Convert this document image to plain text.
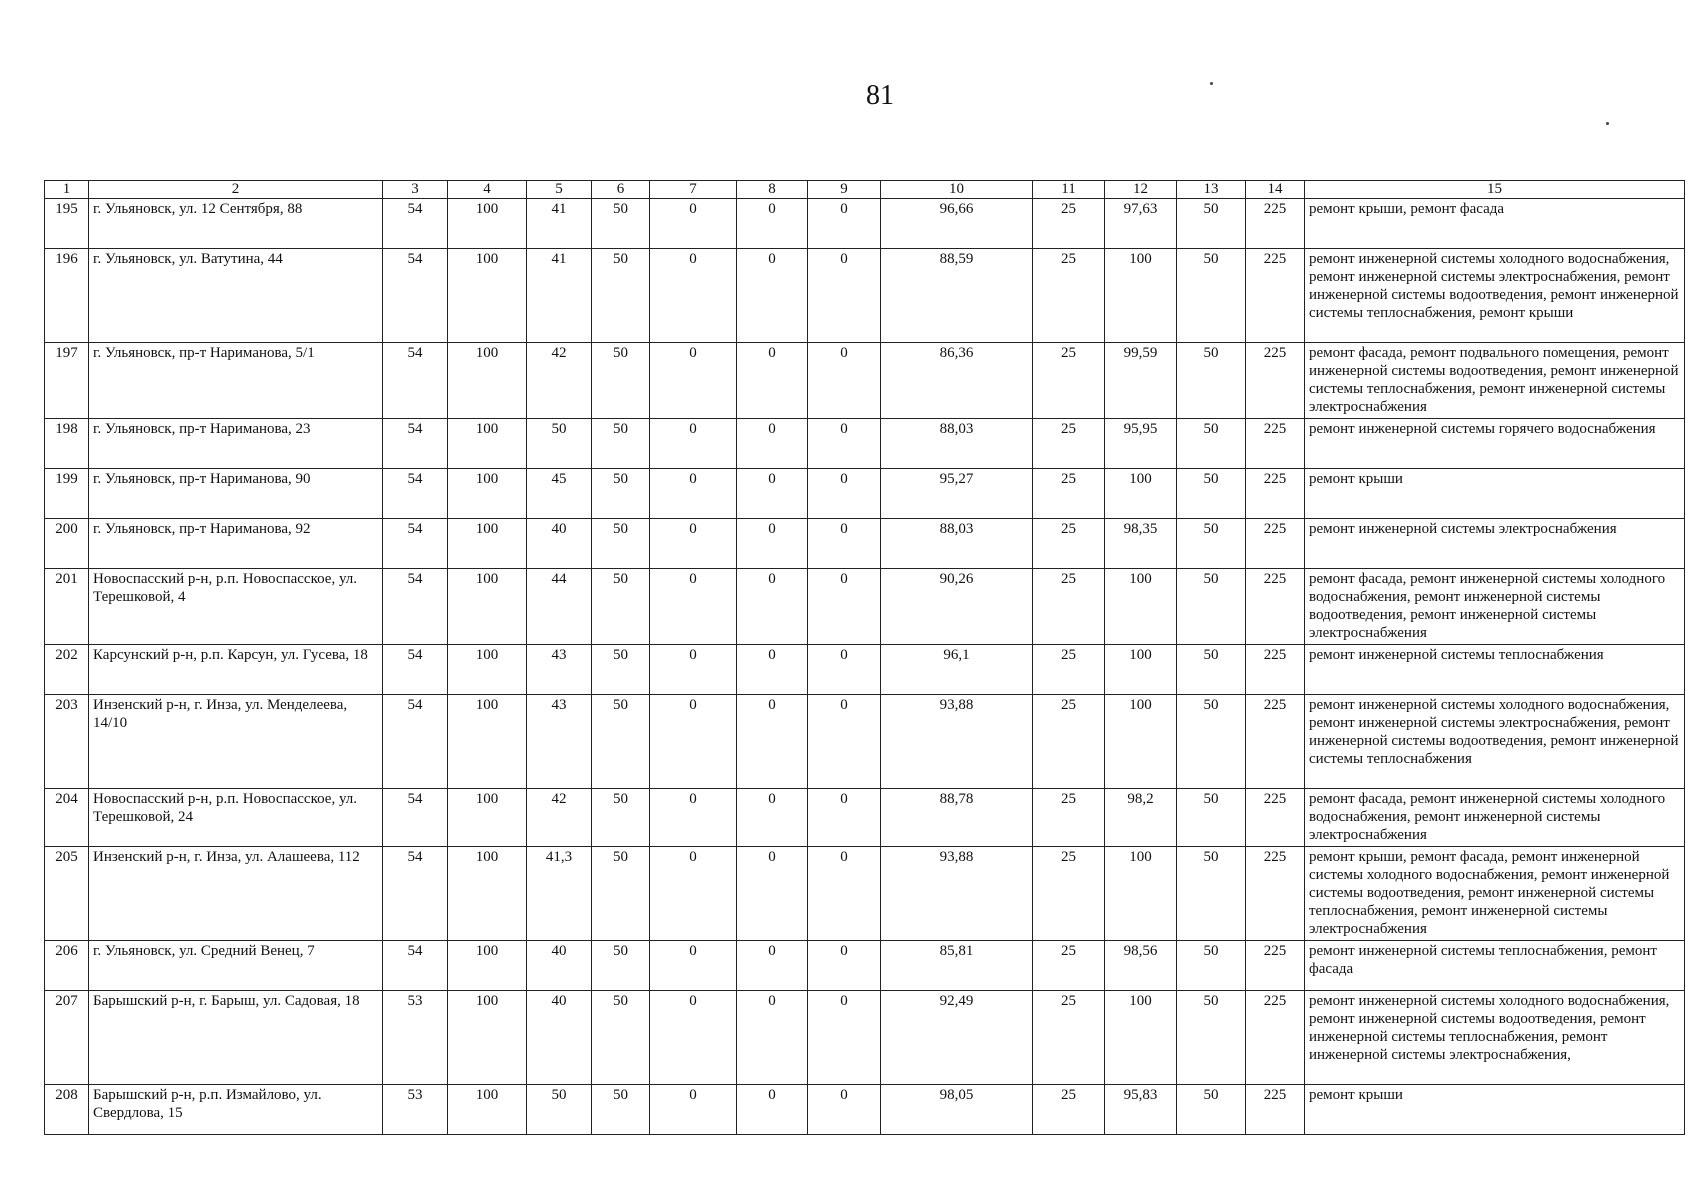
81
1	2	3	4	5	6	7	8	9	10	11	12	13	14	15
195	г. Ульяновск, ул. 12 Сентября, 88	54	100	41	50	0	0	0	96,66	25	97,63	50	225	ремонт крыши, ремонт фасада
196	г. Ульяновск, ул. Ватутина, 44	54	100	41	50	0	0	0	88,59	25	100	50	225	ремонт инженерной системы холодного водоснабжения, ремонт инженерной системы электроснабжения, ремонт инженерной системы водоотведения, ремонт инженерной системы теплоснабжения, ремонт крыши
197	г. Ульяновск, пр-т Нариманова, 5/1	54	100	42	50	0	0	0	86,36	25	99,59	50	225	ремонт фасада, ремонт подвального помещения, ремонт инженерной системы водоотведения, ремонт инженерной системы теплоснабжения, ремонт инженерной системы электроснабжения
198	г. Ульяновск, пр-т Нариманова, 23	54	100	50	50	0	0	0	88,03	25	95,95	50	225	ремонт инженерной системы горячего водоснабжения
199	г. Ульяновск, пр-т Нариманова, 90	54	100	45	50	0	0	0	95,27	25	100	50	225	ремонт крыши
200	г. Ульяновск, пр-т Нариманова, 92	54	100	40	50	0	0	0	88,03	25	98,35	50	225	ремонт инженерной системы электроснабжения
201	Новоспасский р-н, р.п. Новоспасское, ул. Терешковой, 4	54	100	44	50	0	0	0	90,26	25	100	50	225	ремонт фасада, ремонт инженерной системы холодного водоснабжения, ремонт инженерной системы водоотведения, ремонт инженерной системы электроснабжения
202	Карсунский р-н, р.п. Карсун, ул. Гусева, 18	54	100	43	50	0	0	0	96,1	25	100	50	225	ремонт инженерной системы теплоснабжения
203	Инзенский р-н, г. Инза, ул. Менделеева, 14/10	54	100	43	50	0	0	0	93,88	25	100	50	225	ремонт инженерной системы холодного водоснабжения, ремонт инженерной системы электроснабжения, ремонт инженерной системы водоотведения, ремонт инженерной системы теплоснабжения
204	Новоспасский р-н, р.п. Новоспасское, ул. Терешковой, 24	54	100	42	50	0	0	0	88,78	25	98,2	50	225	ремонт фасада, ремонт инженерной системы холодного водоснабжения, ремонт инженерной системы электроснабжения
205	Инзенский р-н, г. Инза, ул. Алашеева, 112	54	100	41,3	50	0	0	0	93,88	25	100	50	225	ремонт крыши, ремонт фасада, ремонт инженерной системы холодного водоснабжения, ремонт инженерной системы водоотведения, ремонт инженерной системы теплоснабжения, ремонт инженерной системы электроснабжения
206	г. Ульяновск, ул. Средний Венец, 7	54	100	40	50	0	0	0	85,81	25	98,56	50	225	ремонт инженерной системы теплоснабжения, ремонт фасада
207	Барышский р-н, г. Барыш, ул. Садовая, 18	53	100	40	50	0	0	0	92,49	25	100	50	225	ремонт инженерной системы холодного водоснабжения, ремонт инженерной системы водоотведения, ремонт инженерной системы теплоснабжения, ремонт инженерной системы электроснабжения,
208	Барышский р-н, р.п. Измайлово, ул. Свердлова, 15	53	100	50	50	0	0	0	98,05	25	95,83	50	225	ремонт крыши
